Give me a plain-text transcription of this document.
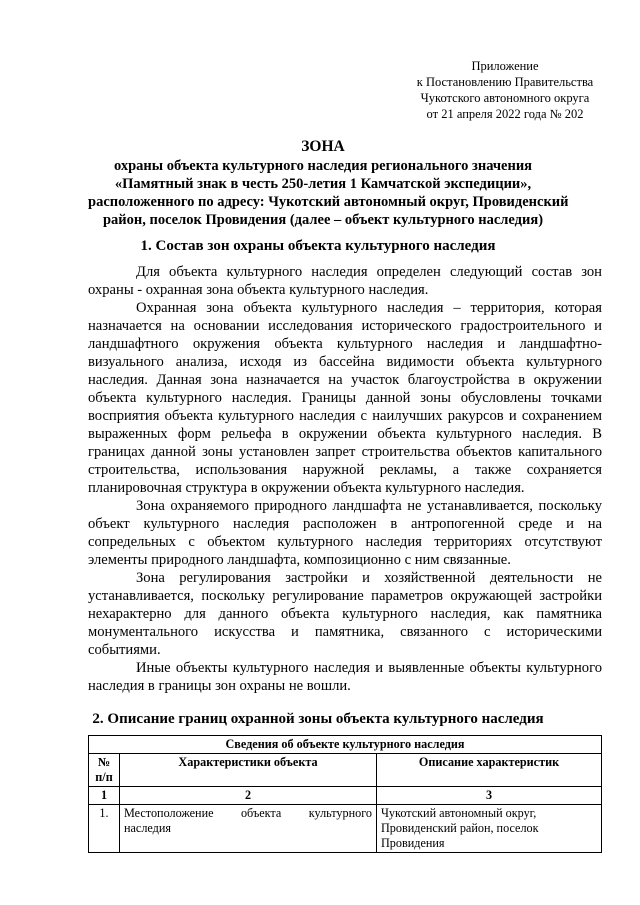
Приложение
к Постановлению Правительства
Чукотского автономного округа
от 21 апреля 2022 года № 202
ЗОНА
охраны объекта культурного наследия регионального значения
«Памятный знак в честь 250-летия 1 Камчатской экспедиции»,
расположенного по адресу: Чукотский автономный округ, Провиденский
район, поселок Провидения (далее – объект культурного наследия)
1. Состав зон охраны объекта культурного наследия

Для объекта культурного наследия определен следующий состав зон охраны - охранная зона объекта культурного наследия.

Охранная зона объекта культурного наследия – территория, которая назначается на основании исследования исторического градостроительного и ландшафтного окружения объекта культурного наследия и ландшафтно-визуального анализа, исходя из бассейна видимости объекта культурного наследия. Данная зона назначается на участок благоустройства в окружении объекта культурного наследия. Границы данной зоны обусловлены точками восприятия объекта культурного наследия с наилучших ракурсов и сохранением выраженных форм рельефа в окружении объекта культурного наследия. В границах данной зоны установлен запрет строительства объектов капитального строительства, использования наружной рекламы, а также сохраняется планировочная структура в окружении объекта культурного наследия.

Зона охраняемого природного ландшафта не устанавливается, поскольку объект культурного наследия расположен в антропогенной среде и на сопредельных с объектом культурного наследия территориях отсутствуют элементы природного ландшафта, композиционно с ним связанные.

Зона регулирования застройки и хозяйственной деятельности не устанавливается, поскольку регулирование параметров окружающей застройки нехарактерно для данного объекта культурного наследия, как памятника монументального искусства и памятника, связанного с историческими событиями.

Иные объекты культурного наследия и выявленные объекты культурного наследия в границы зон охраны не вошли.

2. Описание границ охранной зоны объекта культурного наследия
Сведения об объекте культурного наследия		
№ п/п	Характеристики объекта	Описание характеристик
1	2	3
1.	Местоположение объекта культурного наследия	Чукотский автономный округ, Провиденский район, поселок Провидения
